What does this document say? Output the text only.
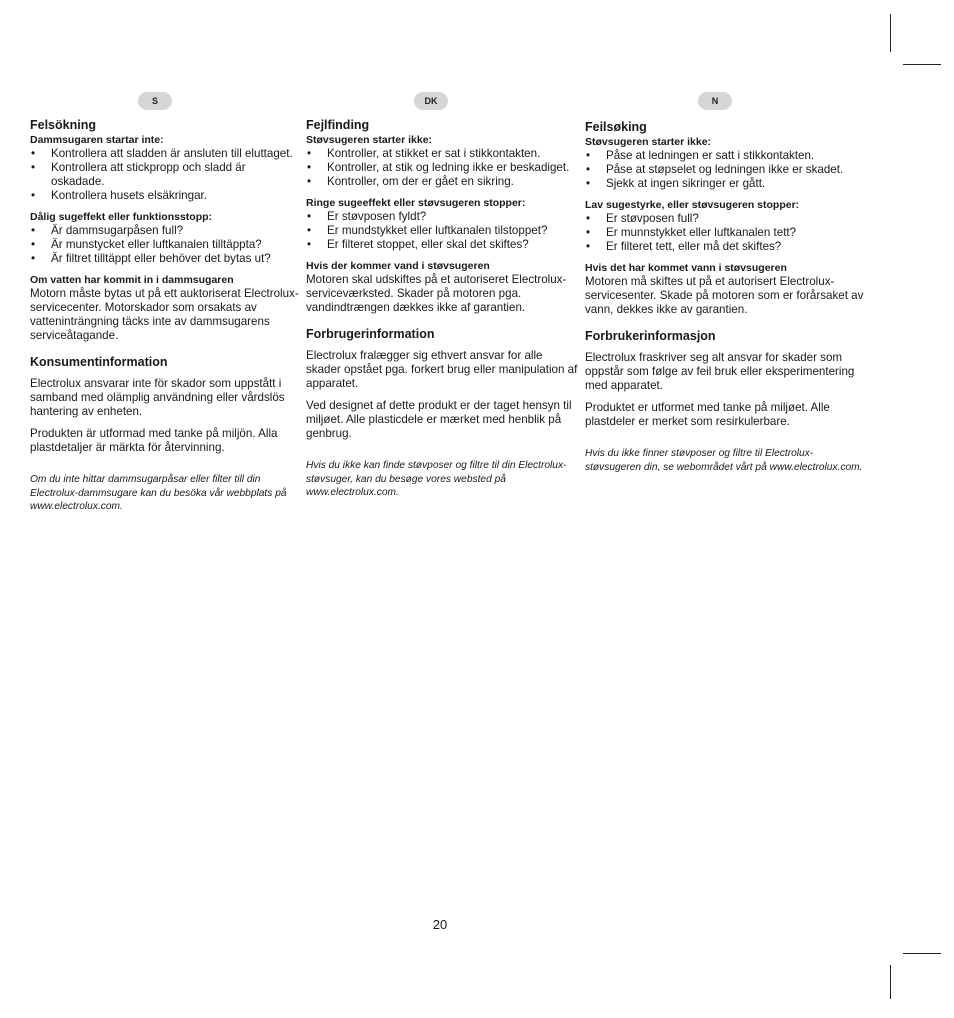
S
Felsökning
Dammsugaren startar inte:
• Kontrollera att sladden är ansluten till eluttaget.
• Kontrollera att stickpropp och sladd är oskadade.
• Kontrollera husets elsäkringar.
Dålig sugeffekt eller funktionsstopp:
• Är dammsugarpåsen full?
• Är munstycket eller luftkanalen tilltäppta?
• Är filtret tilltäppt eller behöver det bytas ut?
Om vatten har kommit in i dammsugaren

Motorn måste bytas ut på ett auktoriserat Electrolux-servicecenter. Motorskador som orsakats av vatteninträngning täcks inte av dammsugarens serviceåtagande.

Konsumentinformation

Electrolux ansvarar inte för skador som uppstått i samband med olämplig användning eller vårdslös hantering av enheten.

Produkten är utformad med tanke på miljön. Alla plastdetaljer är märkta för återvinning.

Om du inte hittar dammsugarpåsar eller filter till din Electrolux-dammsugare kan du besöka vår webbplats på www.electrolux.com.

DK
Fejlfinding
Støvsugeren starter ikke:
• Kontroller, at stikket er sat i stikkontakten.
• Kontroller, at stik og ledning ikke er beskadiget.
• Kontroller, om der er gået en sikring.
Ringe sugeeffekt eller støvsugeren stopper:
• Er støvposen fyldt?
• Er mundstykket eller luftkanalen tilstoppet?
• Er filteret stoppet, eller skal det skiftes?
Hvis der kommer vand i støvsugeren

Motoren skal udskiftes på et autoriseret Electrolux-serviceværksted. Skader på motoren pga. vandindtrængen dækkes ikke af garantien.

Forbrugerinformation

Electrolux fralægger sig ethvert ansvar for alle skader opstået pga. forkert brug eller manipulation af apparatet.

Ved designet af dette produkt er der taget hensyn til miljøet. Alle plasticdele er mærket med henblik på genbrug.

Hvis du ikke kan finde støvposer og filtre til din Electrolux-støvsuger, kan du besøge vores websted på www.electrolux.com.

N
Feilsøking
Støvsugeren starter ikke:
• Påse at ledningen er satt i stikkontakten.
• Påse at støpselet og ledningen ikke er skadet.
• Sjekk at ingen sikringer er gått.
Lav sugestyrke, eller støvsugeren stopper:
• Er støvposen full?
• Er munnstykket eller luftkanalen tett?
• Er filteret tett, eller må det skiftes?
Hvis det har kommet vann i støvsugeren

Motoren må skiftes ut på et autorisert Electrolux-servicesenter. Skade på motoren som er forårsaket av vann, dekkes ikke av garantien.

Forbrukerinformasjon

Electrolux fraskriver seg alt ansvar for skader som oppstår som følge av feil bruk eller eksperimentering med apparatet.

Produktet er utformet med tanke på miljøet. Alle plastdeler er merket som resirkulerbare.

Hvis du ikke finner støvposer og filtre til Electrolux-støvsugeren din, se webområdet vårt på www.electrolux.com.

20
